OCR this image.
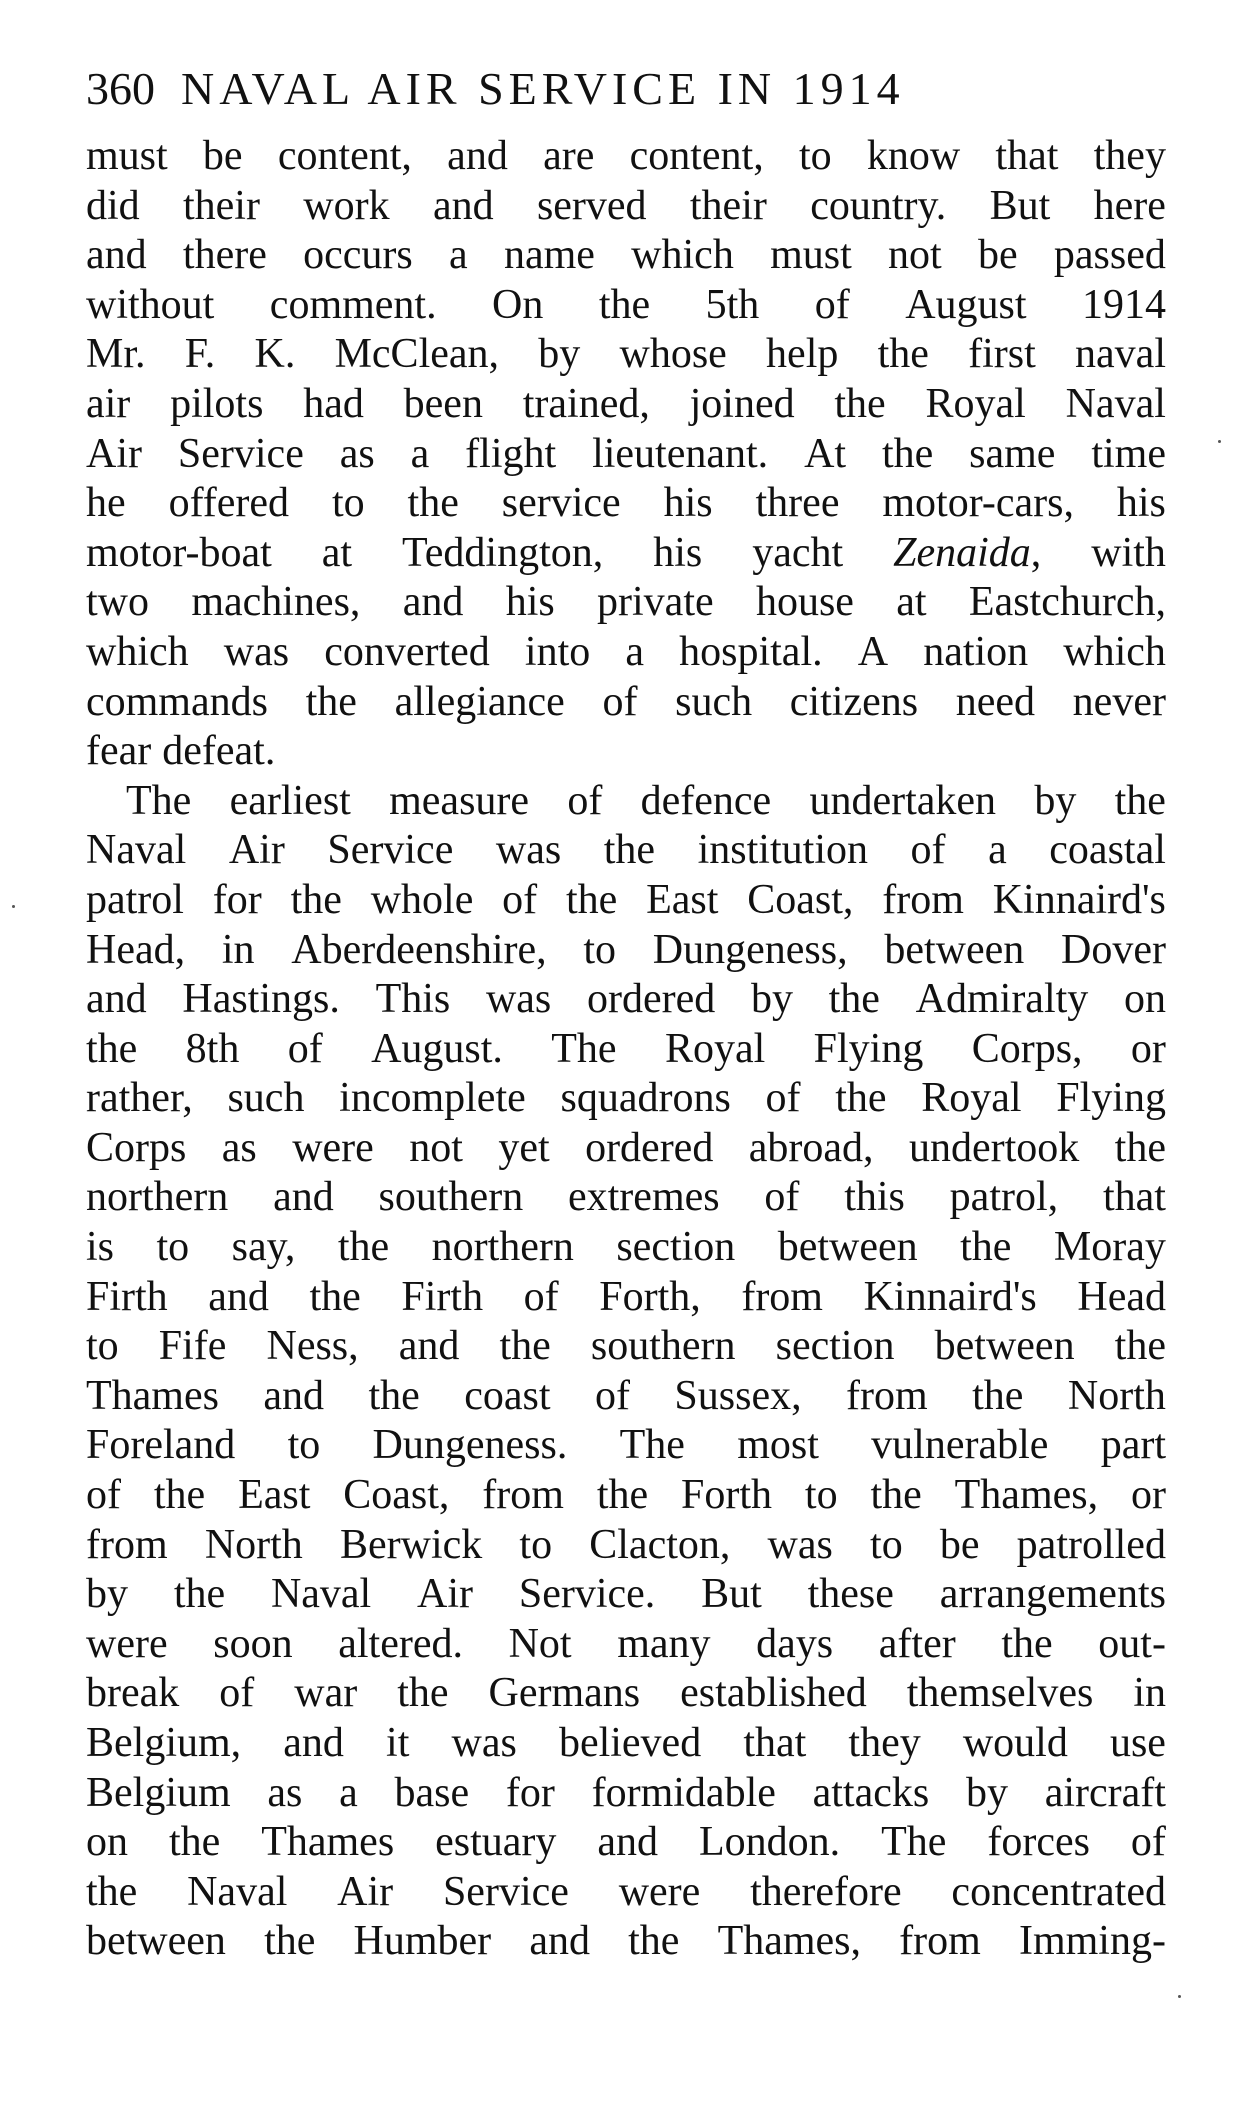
360 NAVAL AIR SERVICE IN 1914
must be content, and are content, to know that they
did their work and served their country. But here
and there occurs a name which must not be passed
without comment. On the 5th of August 1914
Mr. F. K. McClean, by whose help the first naval
air pilots had been trained, joined the Royal Naval
Air Service as a flight lieutenant. At the same time
he offered to the service his three motor-cars, his
motor-boat at Teddington, his yacht Zenaida, with
two machines, and his private house at Eastchurch,
which was converted into a hospital. A nation which
commands the allegiance of such citizens need never
fear defeat.
The earliest measure of defence undertaken by the
Naval Air Service was the institution of a coastal
patrol for the whole of the East Coast, from Kinnaird's
Head, in Aberdeenshire, to Dungeness, between Dover
and Hastings. This was ordered by the Admiralty on
the 8th of August. The Royal Flying Corps, or
rather, such incomplete squadrons of the Royal Flying
Corps as were not yet ordered abroad, undertook the
northern and southern extremes of this patrol, that
is to say, the northern section between the Moray
Firth and the Firth of Forth, from Kinnaird's Head
to Fife Ness, and the southern section between the
Thames and the coast of Sussex, from the North
Foreland to Dungeness. The most vulnerable part
of the East Coast, from the Forth to the Thames, or
from North Berwick to Clacton, was to be patrolled
by the Naval Air Service. But these arrangements
were soon altered. Not many days after the out-
break of war the Germans established themselves in
Belgium, and it was believed that they would use
Belgium as a base for formidable attacks by aircraft
on the Thames estuary and London. The forces of
the Naval Air Service were therefore concentrated
between the Humber and the Thames, from Imming-
